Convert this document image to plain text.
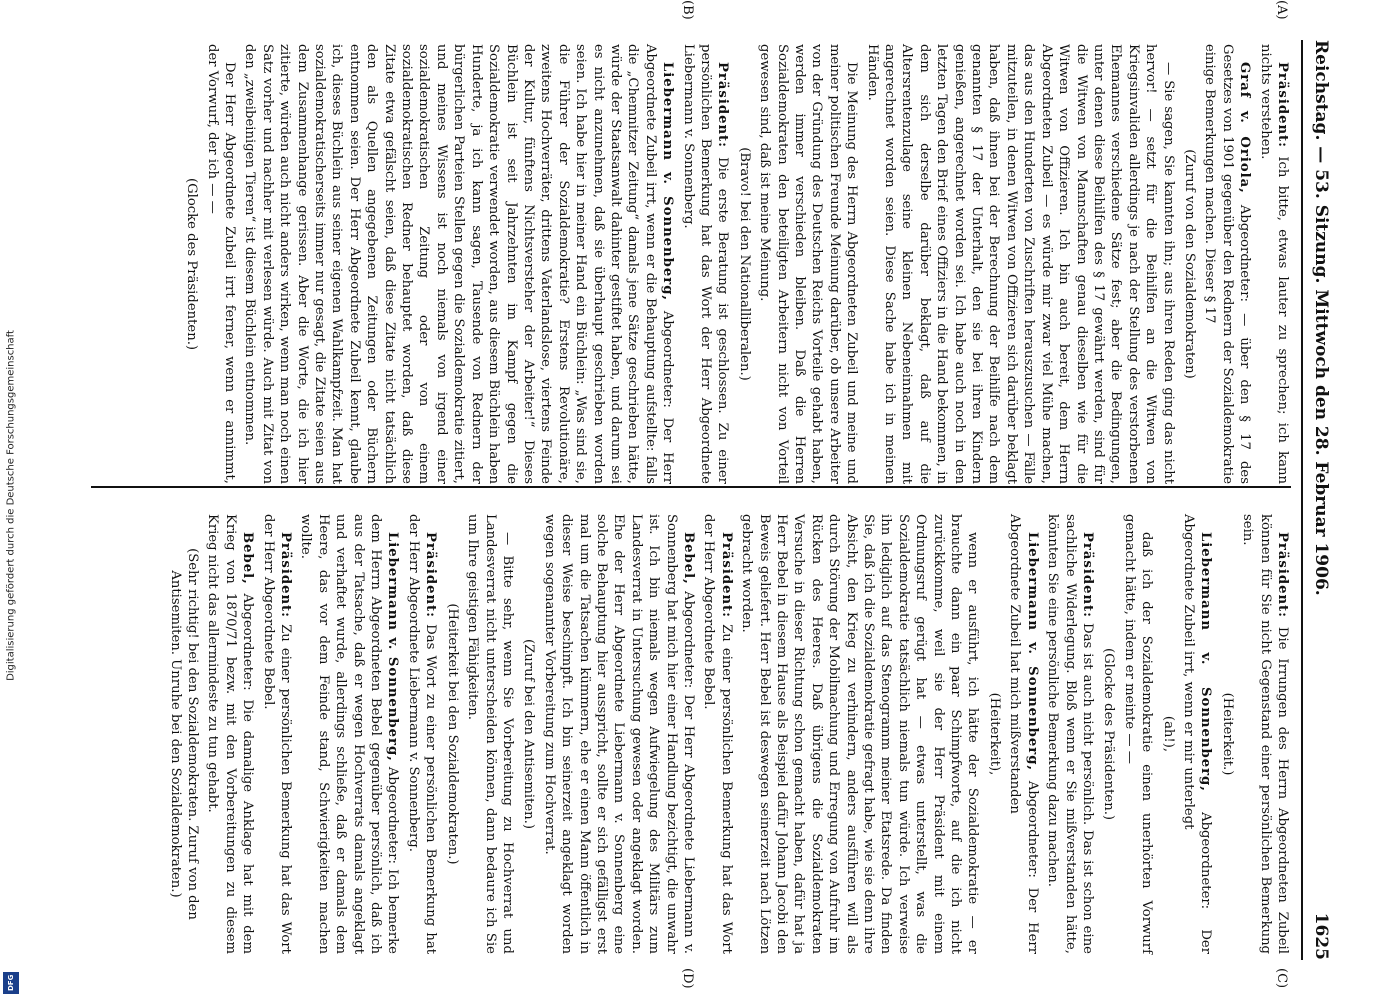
Digitalisierung gefördert durch die Deutsche Forschungsgemeinschaft
DFG
Reichstag. — 53. Sitzung. Mittwoch den 28. Februar 1906.
1625
(A)
(B)
(C)
(D)

Präsident: Ich bitte, etwas lauter zu sprechen; ich kann nichts verstehen.

Graf v. Oriola, Abgeordneter: — über den § 17 des Gesetzes von 1901 gegenüber den Rednern der Sozialdemokratie einige Bemerkungen machen. Dieser § 17

(Zuruf von den Sozialdemokraten)

— Sie sagen, Sie kannten ihn; aus ihren Reden ging das nicht hervor! — setzt für die Beihilfen an die Witwen von Kriegsinvaliden allerdings je nach der Stellung des verstorbenen Ehemannes verschiedene Sätze fest; aber die Bedingungen, unter denen diese Beihilfen des § 17 gewährt werden, sind für die Witwen von Mannschaften genau dieselben wie für die Witwen von Offizieren. Ich bin auch bereit, dem Herrn Abgeordneten Zubeil — es würde mir zwar viel Mühe machen, das aus den Hunderten von Zuschriften herauszusuchen — Fälle mitzuteilen, in denen Witwen von Offizieren sich darüber beklagt haben, daß ihnen bei der Berechnung der Beihilfe nach dem genannten § 17 der Unterhalt, den sie bei ihren Kindern genießen, angerechnet worden sei. Ich habe auch noch in den letzten Tagen den Brief eines Offiziers in die Hand bekommen, in dem sich derselbe darüber beklagt, daß auf die Altersrentenzulage seine kleinen Nebeneinnahmen mit angerechnet worden seien. Diese Sache habe ich in meinen Händen.

Die Meinung des Herrn Abgeordneten Zubeil und meine und meiner politischen Freunde Meinung darüber, ob unsere Arbeiter von der Gründung des Deutschen Reichs Vorteile gehabt haben, werden immer verschieden bleiben. Daß die Herren Sozialdemokraten den beteiligten Arbeitern nicht von Vorteil gewesen sind, daß ist meine Meinung.

(Bravo! bei den Nationalliberalen.)

Präsident: Die erste Beratung ist geschlossen. Zu einer persönlichen Bemerkung hat das Wort der Herr Abgeordnete Liebermann v. Sonnenberg.

Liebermann v. Sonnenberg, Abgeordneter: Der Herr Abgeordnete Zubeil irrt, wenn er die Behauptung aufstellte: falls die „Chemnitzer Zeitung“ damals jene Sätze geschrieben hätte, würde der Staatsanwalt dahinter gestiftet haben, und darum sei es nicht anzunehmen, daß sie überhaupt geschrieben worden seien. Ich habe hier in meiner Hand ein Büchlein: „Was sind sie, die Führer der Sozialdemokratie? Erstens Revolutionäre, zweitens Hochverräter, drittens Vaterlandslose, viertens Feinde der Kultur, fünftens Nichtsversteher der Arbeiter!“ Dieses Büchlein ist seit Jahrzehnten im Kampf gegen die Sozialdemokratie verwendet worden, aus diesem Büchlein haben Hunderte, ja ich kann sagen, Tausende von Rednern der bürgerlichen Parteien Stellen gegen die Sozialdemokratie zitiert, und meines Wissens ist noch niemals von irgend einer sozialdemokratischen Zeitung oder von einem sozialdemokratischen Redner behauptet worden, daß diese Zitate etwa gefälscht seien, daß diese Zitate nicht tatsächlich den als Quellen angegebenen Zeitungen oder Büchern entnommen seien. Der Herr Abgeordnete Zubeil kennt, glaube ich, dieses Büchlein aus seiner eigenen Wahlkampfzeit. Man hat sozialdemokratischerseits immer nur gesagt, die Zitate seien aus dem Zusammenhange gerissen. Aber die Worte, die ich hier zitierte, würden auch nicht anders wirken, wenn man noch einen Satz vorher und nachher mit verlesen würde. Auch mit Zitat von den „zweibeinigen Tieren“ ist diesem Büchlein entnommen.

Der Herr Abgeordnete Zubeil irrt ferner, wenn er annimmt, der Vorwurf, der ich — —

(Glocke des Präsidenten.)

Präsident: Die Irrungen des Herrn Abgeordneten Zubeil können für Sie nicht Gegenstand einer persönlichen Bemerkung sein.

(Heiterkeit.)

Liebermann v. Sonnenberg, Abgeordneter: Der Abgeordnete Zubeil irrt, wenn er mir unterlegt

(ah!),

daß ich der Sozialdemokratie einen unerhörten Vorwurf gemacht hätte, indem er meinte — —

(Glocke des Präsidenten.)

Präsident: Das ist auch nicht persönlich. Das ist schon eine sachliche Widerlegung. Bloß wenn er Sie mißverstanden hätte, könnten Sie eine persönliche Bemerkung dazu machen.

Liebermann v. Sonnenberg, Abgeordneter: Der Herr Abgeordnete Zubeil hat mich mißverstanden

(Heiterkeit),

wenn er ausführt, ich hätte der Sozialdemokratie — er brauchte dann ein paar Schimpfworte, auf die ich nicht zurückkomme, weil sie der Herr Präsident mit einem Ordnungsruf gerügt hat — etwas unterstellt, was die Sozialdemokratie tatsächlich niemals tun würde. Ich verweise ihn lediglich auf das Stenogramm meiner Etatsrede. Da finden Sie, daß ich die Sozialdemokratie gefragt habe, wie sie denn ihre Absicht, den Krieg zu verhindern, anders ausführen will als durch Störung der Mobilmachung und Erregung von Aufruhr im Rücken des Heeres. Daß übrigens die Sozialdemokraten Versuche in dieser Richtung schon gemacht haben, dafür hat ja Herr Bebel in diesem Hause als Beispiel dafür Johann Jacobi den Beweis geliefert. Herr Bebel ist deswegen seinerzeit nach Lötzen gebracht worden.

Präsident: Zu einer persönlichen Bemerkung hat das Wort der Herr Abgeordnete Bebel.

Bebel, Abgeordneter: Der Herr Abgeordnete Liebermann v. Sonnenberg hat mich hier einer Handlung bezichtigt, die unwahr ist. Ich bin niemals wegen Aufwiegelung des Militärs zum Landesverrat in Untersuchung gewesen oder angeklagt worden. Ehe der Herr Abgeordnete Liebermann v. Sonnenberg eine solche Behauptung hier ausspricht, sollte er sich gefälligst erst mal um die Tatsachen kümmern, ehe er einen Mann öffentlich in dieser Weise beschimpft. Ich bin seinerzeit angeklagt worden wegen sogenannter Vorbereitung zum Hochverrat.

(Zuruf bei den Antisemiten.)

— Bitte sehr, wenn Sie Vorbereitung zu Hochverrat und Landesverrat nicht unterscheiden können, dann bedaure ich Sie um Ihre geistigen Fähigkeiten.

(Heiterkeit bei den Sozialdemokraten.)

Präsident: Das Wort zu einer persönlichen Bemerkung hat der Herr Abgeordnete Liebermann v. Sonnenberg.

Liebermann v. Sonnenberg, Abgeordneter: Ich bemerke dem Herrn Abgeordneten Bebel gegenüber persönlich, daß ich aus der Tatsache, daß er wegen Hochverrats damals angeklagt und verhaftet wurde, allerdings schließe, daß er damals dem Heere, das vor dem Feinde stand, Schwierigkeiten machen wollte.

Präsident: Zu einer persönlichen Bemerkung hat das Wort der Herr Abgeordnete Bebel.

Bebel, Abgeordneter: Die damalige Anklage hat mit dem Krieg von 1870/71 bezw. mit den Vorbereitungen zu diesem Krieg nicht das allermindeste zu tun gehabt.

(Sehr richtig! bei den Sozialdemokraten. Zuruf von den Antisemiten. Unruhe bei den Sozialdemokraten.)
